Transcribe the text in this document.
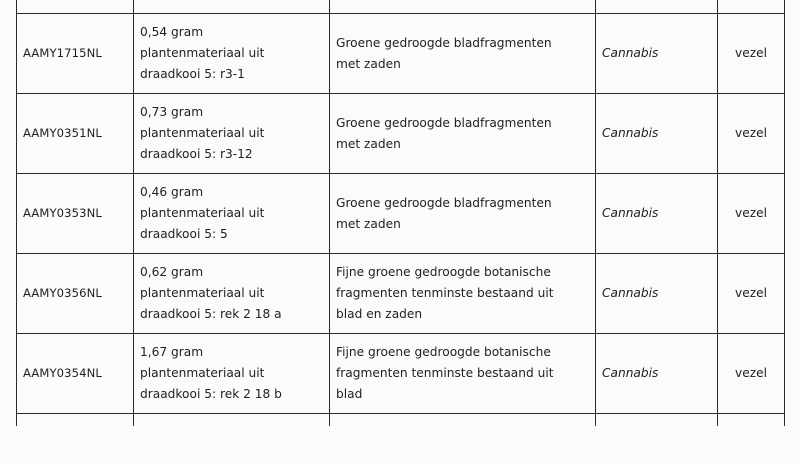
AAMY1715NL	0,54 gram
plantenmateriaal uit
draadkooi 5: r3-1	Groene gedroogde bladfragmenten
met zaden	Cannabis	vezel
AAMY0351NL	0,73 gram
plantenmateriaal uit
draadkooi 5: r3-12	Groene gedroogde bladfragmenten
met zaden	Cannabis	vezel
AAMY0353NL	0,46 gram
plantenmateriaal uit
draadkooi 5: 5	Groene gedroogde bladfragmenten
met zaden	Cannabis	vezel
AAMY0356NL	0,62 gram
plantenmateriaal uit
draadkooi 5: rek 2 18 a	Fijne groene gedroogde botanische
fragmenten tenminste bestaand uit
blad en zaden	Cannabis	vezel
AAMY0354NL	1,67 gram
plantenmateriaal uit
draadkooi 5: rek 2 18 b	Fijne groene gedroogde botanische
fragmenten tenminste bestaand uit
blad	Cannabis	vezel
